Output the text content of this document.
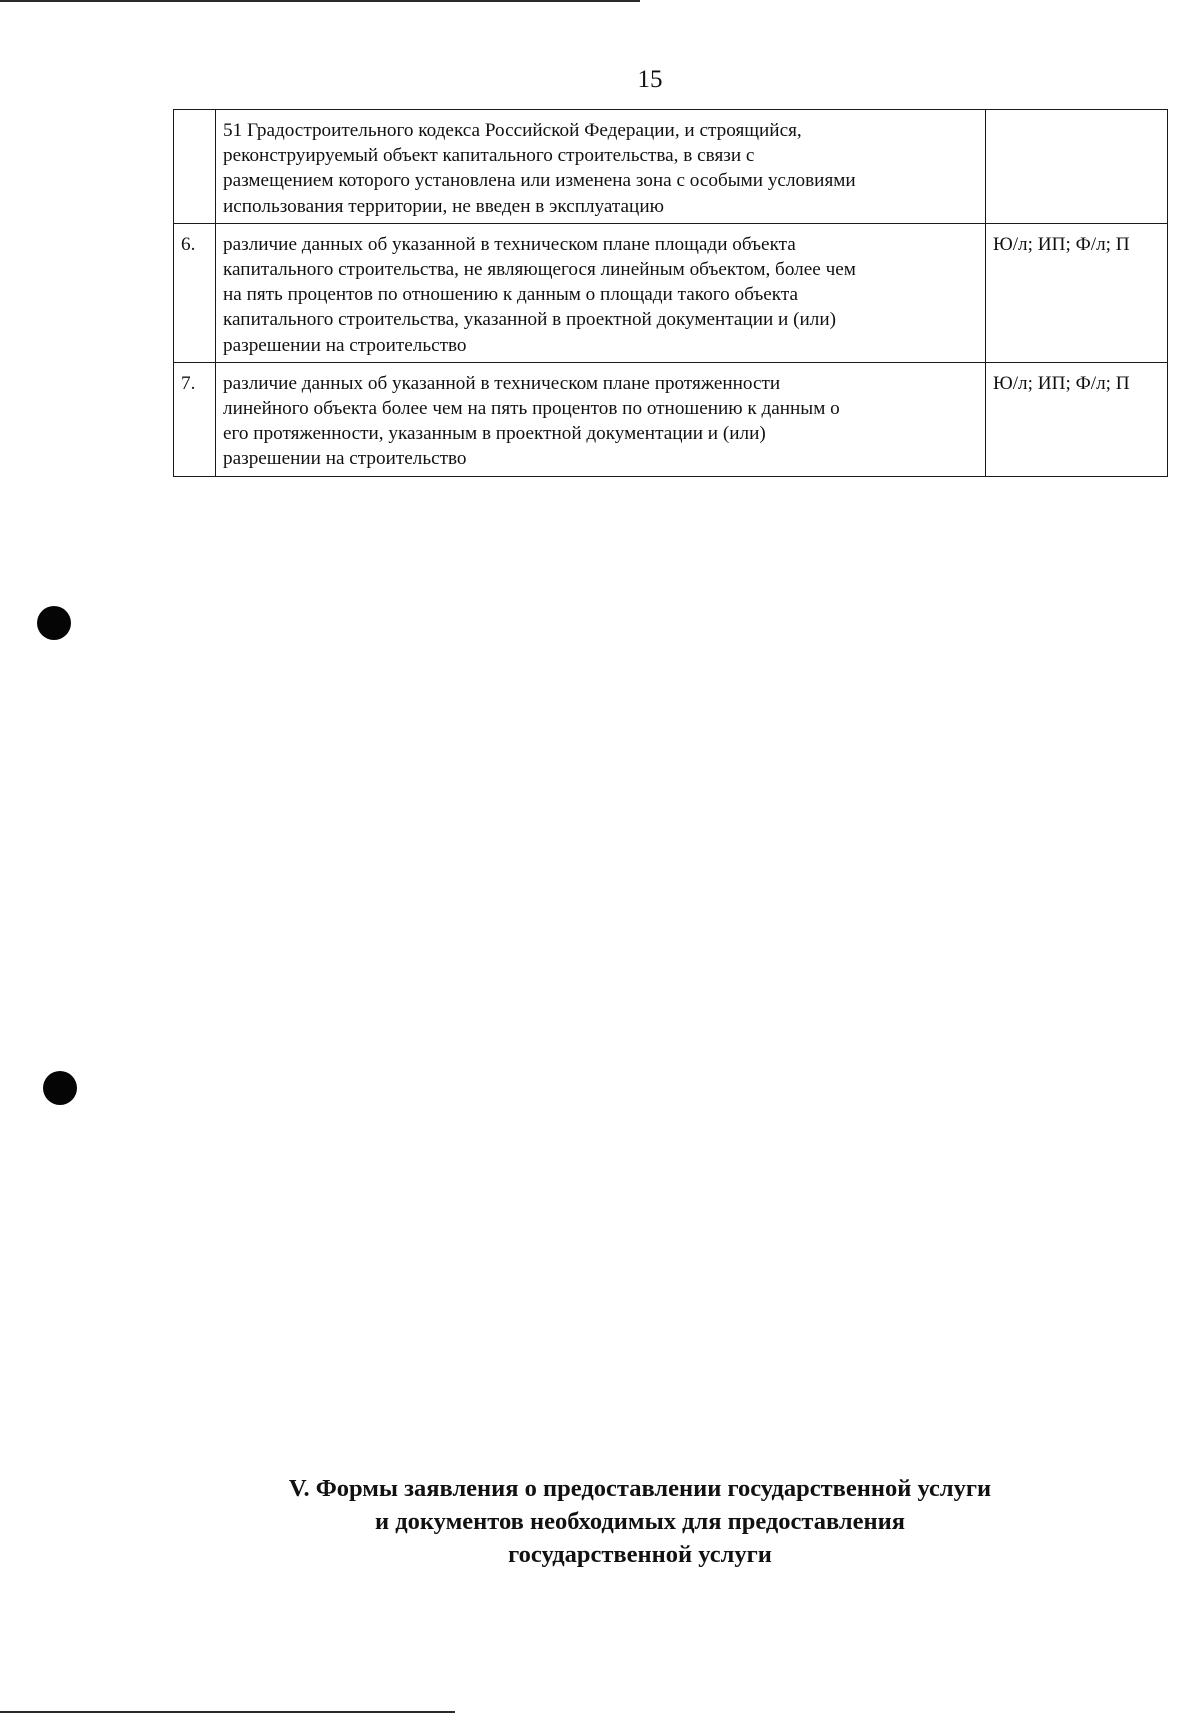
15

	51 Градостроительного кодекса Российской Федерации, и строящийся,
реконструируемый объект капитального строительства, в связи с
размещением которого установлена или изменена зона с особыми условиями
использования территории, не введен в эксплуатацию	

6.	различие данных об указанной в техническом плане площади объекта
капитального строительства, не являющегося линейным объектом, более чем
на пять процентов по отношению к данным о площади такого объекта
капитального строительства, указанной в проектной документации и (или)
разрешении на строительство	Ю/л; ИП; Ф/л; П
7.	различие данных об указанной в техническом плане протяженности
линейного объекта более чем на пять процентов по отношению к данным о
его протяженности, указанным в проектной документации и (или)
разрешении на строительство	Ю/л; ИП; Ф/л; П
V. Формы заявления о предоставлении государственной услуги
и документов необходимых для предоставления
государственной услуги
